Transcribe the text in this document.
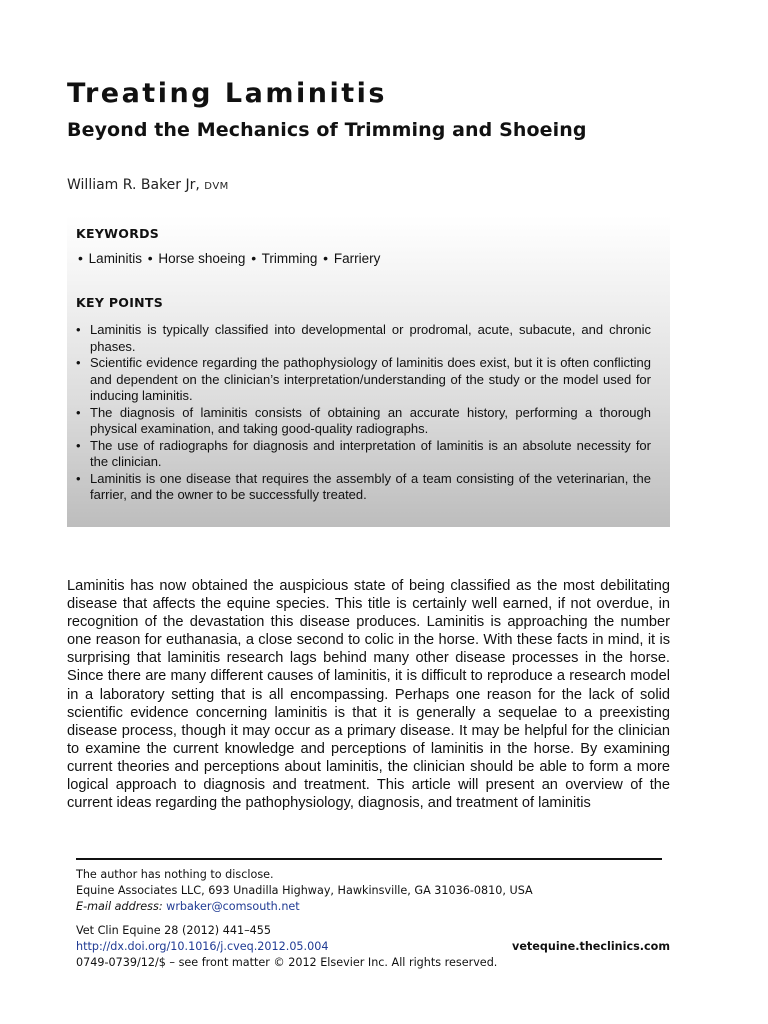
Treating Laminitis
Beyond the Mechanics of Trimming and Shoeing
William R. Baker Jr, DVM
KEYWORDS
• Laminitis • Horse shoeing • Trimming • Farriery
KEY POINTS
• Laminitis is typically classified into developmental or prodromal, acute, subacute, and chronic phases.
• Scientific evidence regarding the pathophysiology of laminitis does exist, but it is often conflicting and dependent on the clinician’s interpretation/understanding of the study or the model used for inducing laminitis.
• The diagnosis of laminitis consists of obtaining an accurate history, performing a thorough physical examination, and taking good-quality radiographs.
• The use of radiographs for diagnosis and interpretation of laminitis is an absolute necessity for the clinician.
• Laminitis is one disease that requires the assembly of a team consisting of the veterinarian, the farrier, and the owner to be successfully treated.

Laminitis has now obtained the auspicious state of being classified as the most debilitating disease that affects the equine species. This title is certainly well earned, if not overdue, in recognition of the devastation this disease produces. Laminitis is approaching the number one reason for euthanasia, a close second to colic in the horse. With these facts in mind, it is surprising that laminitis research lags behind many other disease processes in the horse. Since there are many different causes of laminitis, it is difficult to reproduce a research model in a laboratory setting that is all encompassing. Perhaps one reason for the lack of solid scientific evidence concerning laminitis is that it is generally a sequelae to a preexisting disease process, though it may occur as a primary disease. It may be helpful for the clinician to examine the current knowledge and perceptions of laminitis in the horse. By examining current theories and perceptions about laminitis, the clinician should be able to form a more logical approach to diagnosis and treatment. This article will present an overview of the current ideas regarding the pathophysiology, diagnosis, and treatment of laminitis

The author has nothing to disclose.
Equine Associates LLC, 693 Unadilla Highway, Hawkinsville, GA 31036-0810, USA
E-mail address: wrbaker@comsouth.net
Vet Clin Equine 28 (2012) 441–455
http://dx.doi.org/10.1016/j.cveq.2012.05.004	vetequine.theclinics.com
0749-0739/12/$ – see front matter © 2012 Elsevier Inc. All rights reserved.
